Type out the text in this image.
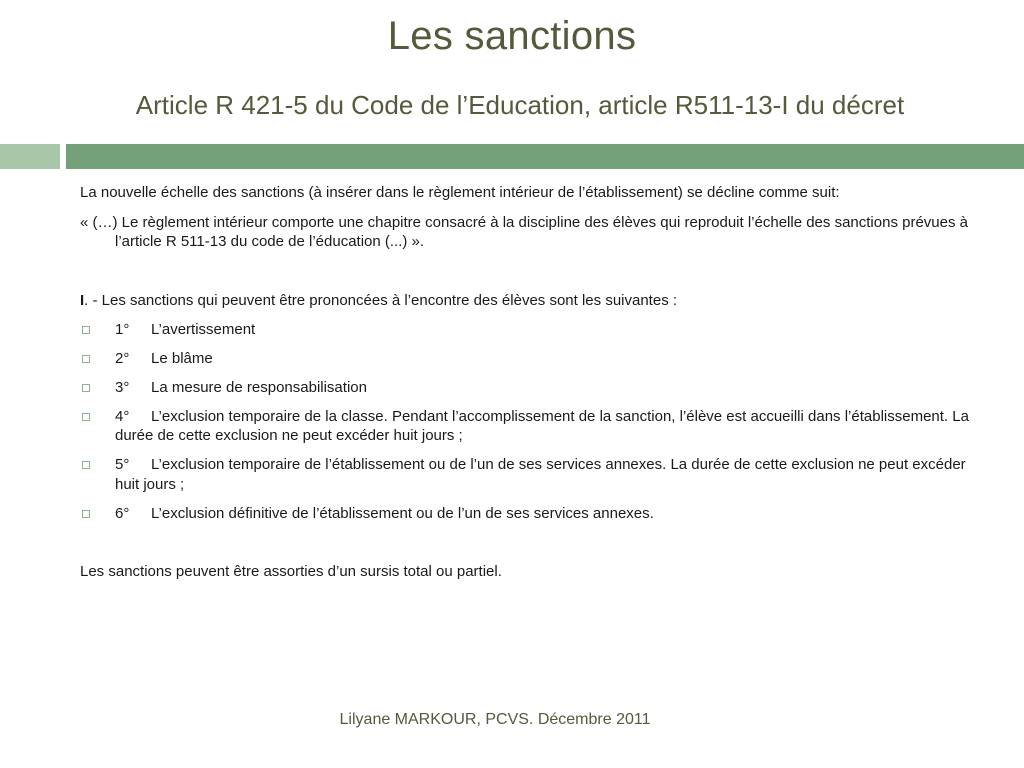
Les sanctions
Article R 421-5 du Code de l’Education, article R511-13-I du décret

La nouvelle échelle des sanctions (à insérer dans le règlement intérieur de l’établissement) se décline comme suit:

« (…) Le règlement intérieur comporte une chapitre consacré à la discipline des élèves qui reproduit l’échelle des sanctions prévues à l’article R 511-13 du code de l’éducation (...) ».

I. - Les sanctions qui peuvent être prononcées à l’encontre des élèves sont les suivantes :

1° L’avertissement
2° Le blâme
3° La mesure de responsabilisation
4° L’exclusion temporaire de la classe. Pendant l’accomplissement de la sanction, l’élève est accueilli dans l’établissement. La durée de cette exclusion ne peut excéder huit jours ;
5° L’exclusion temporaire de l’établissement ou de l’un de ses services annexes. La durée de cette exclusion ne peut excéder huit jours ;
6° L’exclusion définitive de l’établissement ou de l’un de ses services annexes.

Les sanctions peuvent être assorties d’un sursis total ou partiel.

Lilyane MARKOUR, PCVS. Décembre 2011
